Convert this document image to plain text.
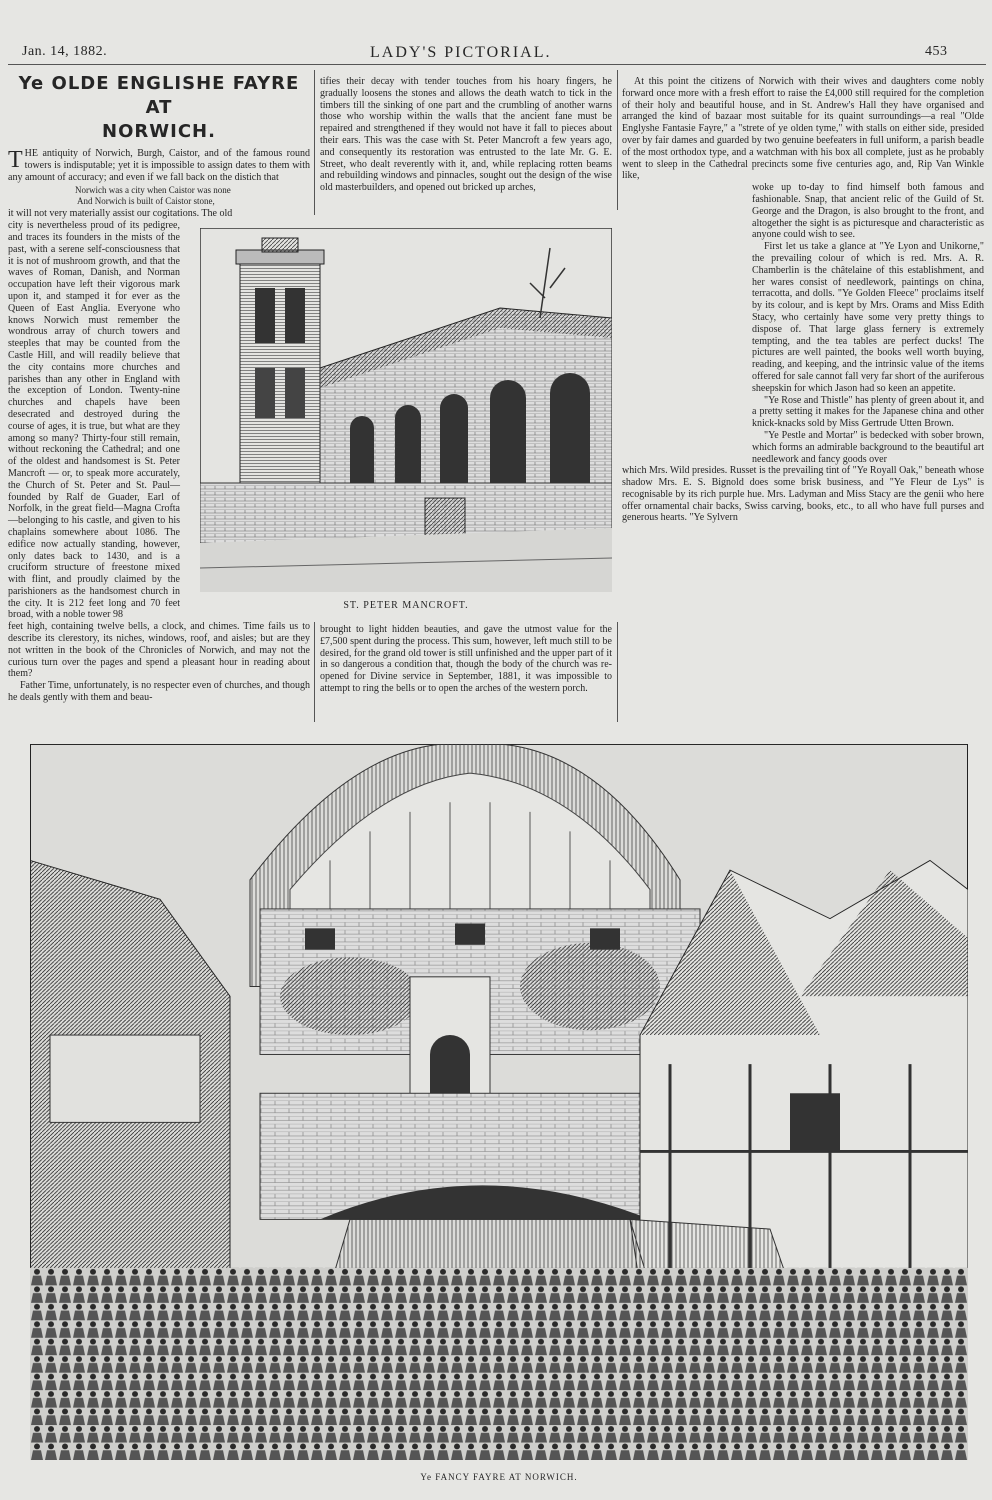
Jan. 14, 1882.	LADY'S PICTORIAL.	453
Ye OLDE ENGLISHE FAYRE AT
NORWICH.

THE antiquity of Norwich, Burgh, Caistor, and of the famous round towers is indisputable; yet it is impossible to assign dates to them with any amount of accuracy; and even if we fall back on the distich that

Norwich was a city when Caistor was none
And Norwich is built of Caistor stone,
it will not very materially assist our cogitations. The old

city is nevertheless proud of its pedigree, and traces its founders in the mists of the past, with a serene self-consciousness that it is not of mushroom growth, and that the waves of Roman, Danish, and Norman occupation have left their vigorous mark upon it, and stamped it for ever as the Queen of East Anglia. Everyone who knows Norwich must remember the wondrous array of church towers and steeples that may be counted from the Castle Hill, and will readily believe that the city contains more churches and parishes than any other in England with the exception of London. Twenty-nine churches and chapels have been desecrated and destroyed during the course of ages, it is true, but what are they among so many? Thirty-four still remain, without reckoning the Cathedral; and one of the oldest and handsomest is St. Peter Mancroft — or, to speak more accurately, the Church of St. Peter and St. Paul—founded by Ralf de Guader, Earl of Norfolk, in the great field—Magna Crofta—belonging to his castle, and given to his chaplains somewhere about 1086. The edifice now actually standing, however, only dates back to 1430, and is a cruciform structure of freestone mixed with flint, and proudly claimed by the parishioners as the handsomest church in the city. It is 212 feet long and 70 feet broad, with a noble tower 98

feet high, containing twelve bells, a clock, and chimes. Time fails us to describe its clerestory, its niches, windows, roof, and aisles; but are they not written in the book of the Chronicles of Norwich, and may not the curious turn over the pages and spend a pleasant hour in reading about them?

Father Time, unfortunately, is no respecter even of churches, and though he deals gently with them and beau-

tifies their decay with tender touches from his hoary fingers, he gradually loosens the stones and allows the death watch to tick in the timbers till the sinking of one part and the crumbling of another warns those who worship within the walls that the ancient fane must be repaired and strengthened if they would not have it fall to pieces about their ears. This was the case with St. Peter Mancroft a few years ago, and consequently its restoration was entrusted to the late Mr. G. E. Street, who dealt reverently with it, and, while replacing rotten beams and rebuilding windows and pinnacles, sought out the design of the wise old masterbuilders, and opened out bricked up arches,

brought to light hidden beauties, and gave the utmost value for the £7,500 spent during the process. This sum, however, left much still to be desired, for the grand old tower is still unfinished and the upper part of it in so dangerous a condition that, though the body of the church was re-opened for Divine service in September, 1881, it was impossible to attempt to ring the bells or to open the arches of the western porch.

At this point the citizens of Norwich with their wives and daughters come nobly forward once more with a fresh effort to raise the £4,000 still required for the completion of their holy and beautiful house, and in St. Andrew's Hall they have organised and arranged the kind of bazaar most suitable for its quaint surroundings—a real "Olde Englyshe Fantasie Fayre," a "strete of ye olden tyme," with stalls on either side, presided over by fair dames and guarded by two genuine beefeaters in full uniform, a parish beadle of the most orthodox type, and a watchman with his box all complete, just as he probably went to sleep in the Cathedral precincts some five centuries ago, and, Rip Van Winkle like,

woke up to-day to find himself both famous and fashionable. Snap, that ancient relic of the Guild of St. George and the Dragon, is also brought to the front, and altogether the sight is as picturesque and characteristic as anyone could wish to see.

First let us take a glance at "Ye Lyon and Unikorne," the prevailing colour of which is red. Mrs. A. R. Chamberlin is the châtelaine of this establishment, and her wares consist of needlework, paintings on china, terracotta, and dolls. "Ye Golden Fleece" proclaims itself by its colour, and is kept by Mrs. Orams and Miss Edith Stacy, who certainly have some very pretty things to dispose of. That large glass fernery is extremely tempting, and the tea tables are perfect ducks! The pictures are well painted, the books well worth buying, reading, and keeping, and the intrinsic value of the items offered for sale cannot fall very far short of the auriferous sheepskin for which Jason had so keen an appetite.

"Ye Rose and Thistle" has plenty of green about it, and a pretty setting it makes for the Japanese china and other knick-knacks sold by Miss Gertrude Utten Brown.

"Ye Pestle and Mortar" is bedecked with sober brown, which forms an admirable background to the beautiful art needlework and fancy goods over

which Mrs. Wild presides. Russet is the prevailing tint of "Ye Royall Oak," beneath whose shadow Mrs. E. S. Bignold does some brisk business, and "Ye Fleur de Lys" is recognisable by its rich purple hue. Mrs. Ladyman and Miss Stacy are the genii who here offer ornamental chair backs, Swiss carving, books, etc., to all who have full purses and generous hearts. "Ye Sylvern

ST. PETER MANCROFT.
Ye FANCY FAYRE AT NORWICH.
